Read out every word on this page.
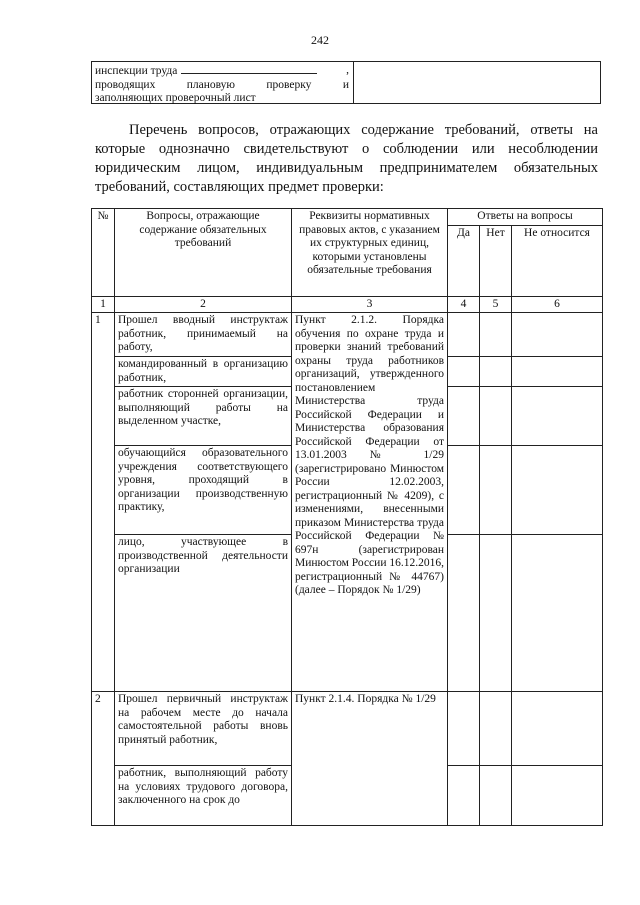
242
инспекции труда	,
проводящих	плановую	проверку	и
заполняющих проверочный лист
Перечень вопросов, отражающих содержание требований, ответы на которые однозначно свидетельствуют о соблюдении или несоблюдении юридическим лицом, индивидуальным предпринимателем обязательных требований, составляющих предмет проверки:
№	Вопросы, отражающие содержание обязательных требований	Реквизиты нормативных правовых актов, с указанием их структурных единиц, которыми установлены обязательные требования	Ответы на вопросы		
			Да	Нет	Не относится
1	2	3	4	5	6
1	Прошел вводный инструктаж работник, принимаемый на работу,	Пункт 2.1.2. Порядка обучения по охране труда и проверки знаний требований охраны труда работников организаций, утвержденного постановлением Министерства труда Российской Федерации и Министерства образования Российской Федерации от 13.01.2003 № 1/29 (зарегистрировано Минюстом России 12.02.2003, регистрационный № 4209), с изменениями, внесенными приказом Министерства труда Российской Федерации № 697н (зарегистрирован Минюстом России 16.12.2016, регистрационный № 44767) (далее – Порядок № 1/29)			
	командированный в организацию работник,				
	работник сторонней организации, выполняющий работы на выделенном участке,				
	обучающийся образовательного учреждения соответствующего уровня, проходящий в организации производственную практику,				
	лицо, участвующее в производственной деятельности организации				
2	Прошел первичный инструктаж на рабочем месте до начала самостоятельной работы вновь принятый работник,	Пункт 2.1.4. Порядка № 1/29			
	работник, выполняющий работу на условиях трудового договора, заключенного на срок до				
